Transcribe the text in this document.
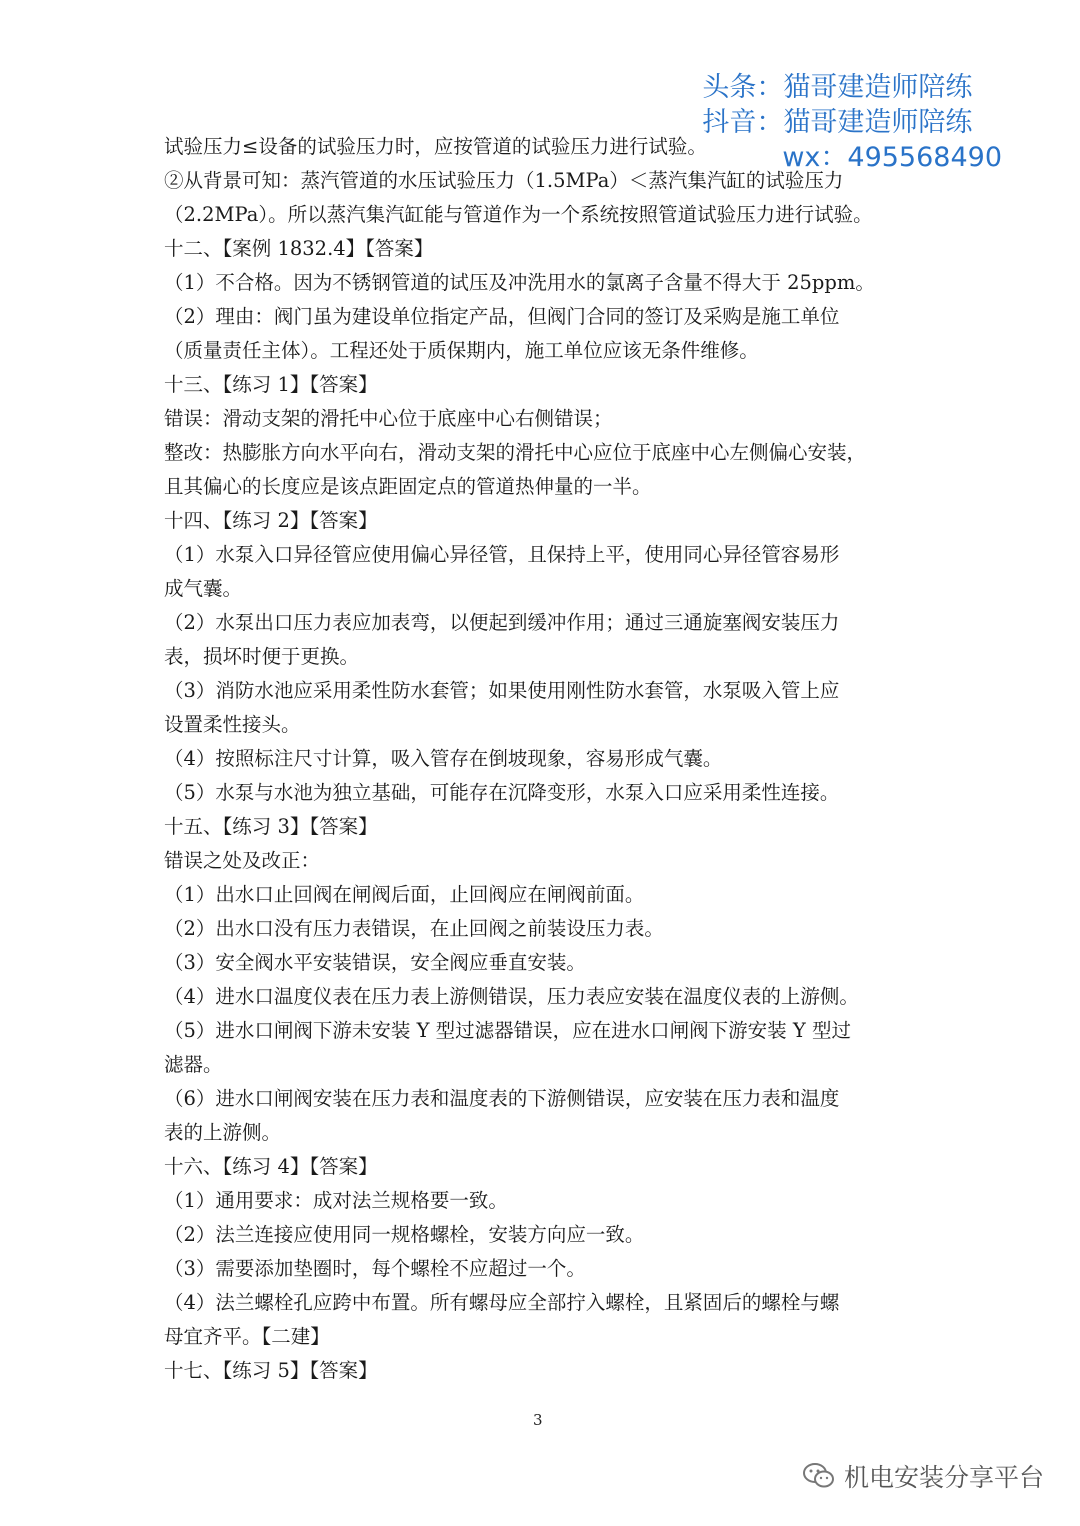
头条：猫哥建造师陪练
抖音：猫哥建造师陪练
wx：495568490
试验压力≤设备的试验压力时，应按管道的试验压力进行试验。
②从背景可知：蒸汽管道的水压试验压力（1.5MPa）＜蒸汽集汽缸的试验压力
（2.2MPa）。所以蒸汽集汽缸能与管道作为一个系统按照管道试验压力进行试验。
十二、【案例 1832.4】【答案】
（1）不合格。因为不锈钢管道的试压及冲洗用水的氯离子含量不得大于 25ppm。
（2）理由：阀门虽为建设单位指定产品，但阀门合同的签订及采购是施工单位
（质量责任主体）。工程还处于质保期内，施工单位应该无条件维修。
十三、【练习 1】【答案】
错误：滑动支架的滑托中心位于底座中心右侧错误；
整改：热膨胀方向水平向右，滑动支架的滑托中心应位于底座中心左侧偏心安装，
且其偏心的长度应是该点距固定点的管道热伸量的一半。
十四、【练习 2】【答案】
（1）水泵入口异径管应使用偏心异径管，且保持上平，使用同心异径管容易形
成气囊。
（2）水泵出口压力表应加表弯，以便起到缓冲作用；通过三通旋塞阀安装压力
表，损坏时便于更换。
（3）消防水池应采用柔性防水套管；如果使用刚性防水套管，水泵吸入管上应
设置柔性接头。
（4）按照标注尺寸计算，吸入管存在倒坡现象，容易形成气囊。
（5）水泵与水池为独立基础，可能存在沉降变形，水泵入口应采用柔性连接。
十五、【练习 3】【答案】
错误之处及改正：
（1）出水口止回阀在闸阀后面，止回阀应在闸阀前面。
（2）出水口没有压力表错误，在止回阀之前装设压力表。
（3）安全阀水平安装错误，安全阀应垂直安装。
（4）进水口温度仪表在压力表上游侧错误，压力表应安装在温度仪表的上游侧。
（5）进水口闸阀下游未安装 Y 型过滤器错误，应在进水口闸阀下游安装 Y 型过
滤器。
（6）进水口闸阀安装在压力表和温度表的下游侧错误，应安装在压力表和温度
表的上游侧。
十六、【练习 4】【答案】
（1）通用要求：成对法兰规格要一致。
（2）法兰连接应使用同一规格螺栓，安装方向应一致。
（3）需要添加垫圈时，每个螺栓不应超过一个。
（4）法兰螺栓孔应跨中布置。所有螺母应全部拧入螺栓，且紧固后的螺栓与螺
母宜齐平。【二建】
十七、【练习 5】【答案】
3
机电安装分享平台
